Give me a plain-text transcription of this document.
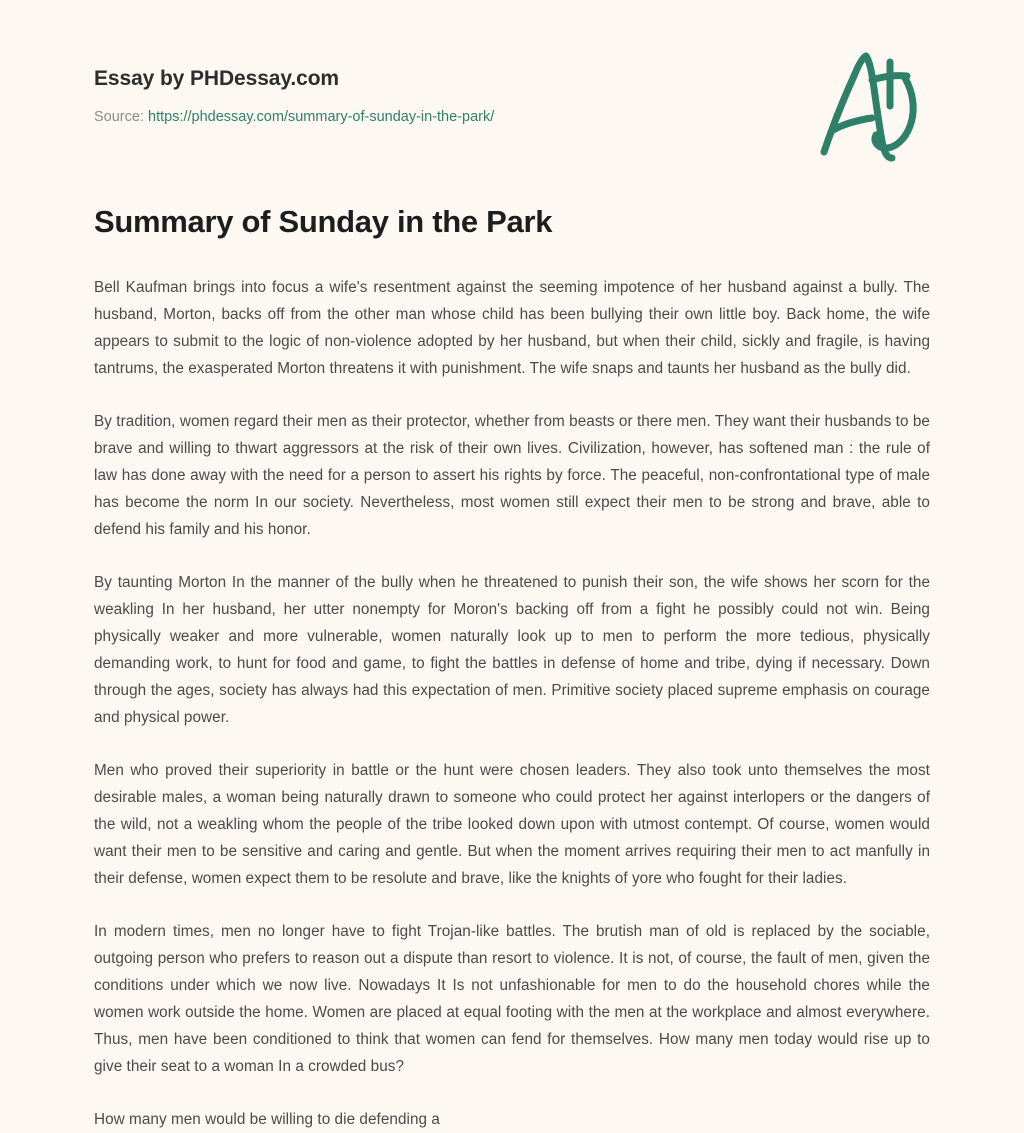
Essay by PHDessay.com
Source: https://phdessay.com/summary-of-sunday-in-the-park/
Summary of Sunday in the Park

Bell Kaufman brings into focus a wife's resentment against the seeming impotence of her husband against a bully. The husband, Morton, backs off from the other man whose child has been bullying their own little boy. Back home, the wife appears to submit to the logic of non-violence adopted by her husband, but when their child, sickly and fragile, is having tantrums, the exasperated Morton threatens it with punishment. The wife snaps and taunts her husband as the bully did.

By tradition, women regard their men as their protector, whether from beasts or there men. They want their husbands to be brave and willing to thwart aggressors at the risk of their own lives. Civilization, however, has softened man : the rule of law has done away with the need for a person to assert his rights by force. The peaceful, non-confrontational type of male has become the norm In our society. Nevertheless, most women still expect their men to be strong and brave, able to defend his family and his honor.

By taunting Morton In the manner of the bully when he threatened to punish their son, the wife shows her scorn for the weakling In her husband, her utter nonempty for Moron's backing off from a fight he possibly could not win. Being physically weaker and more vulnerable, women naturally look up to men to perform the more tedious, physically demanding work, to hunt for food and game, to fight the battles in defense of home and tribe, dying if necessary. Down through the ages, society has always had this expectation of men. Primitive society placed supreme emphasis on courage and physical power.

Men who proved their superiority in battle or the hunt were chosen leaders. They also took unto themselves the most desirable males, a woman being naturally drawn to someone who could protect her against interlopers or the dangers of the wild, not a weakling whom the people of the tribe looked down upon with utmost contempt. Of course, women would want their men to be sensitive and caring and gentle. But when the moment arrives requiring their men to act manfully in their defense, women expect them to be resolute and brave, like the knights of yore who fought for their ladies.

In modern times, men no longer have to fight Trojan-like battles. The brutish man of old is replaced by the sociable, outgoing person who prefers to reason out a dispute than resort to violence. It is not, of course, the fault of men, given the conditions under which we now live. Nowadays It Is not unfashionable for men to do the household chores while the women work outside the home. Women are placed at equal footing with the men at the workplace and almost everywhere. Thus, men have been conditioned to think that women can fend for themselves. How many men today would rise up to give their seat to a woman In a crowded bus?

How many men would be willing to die defending a
